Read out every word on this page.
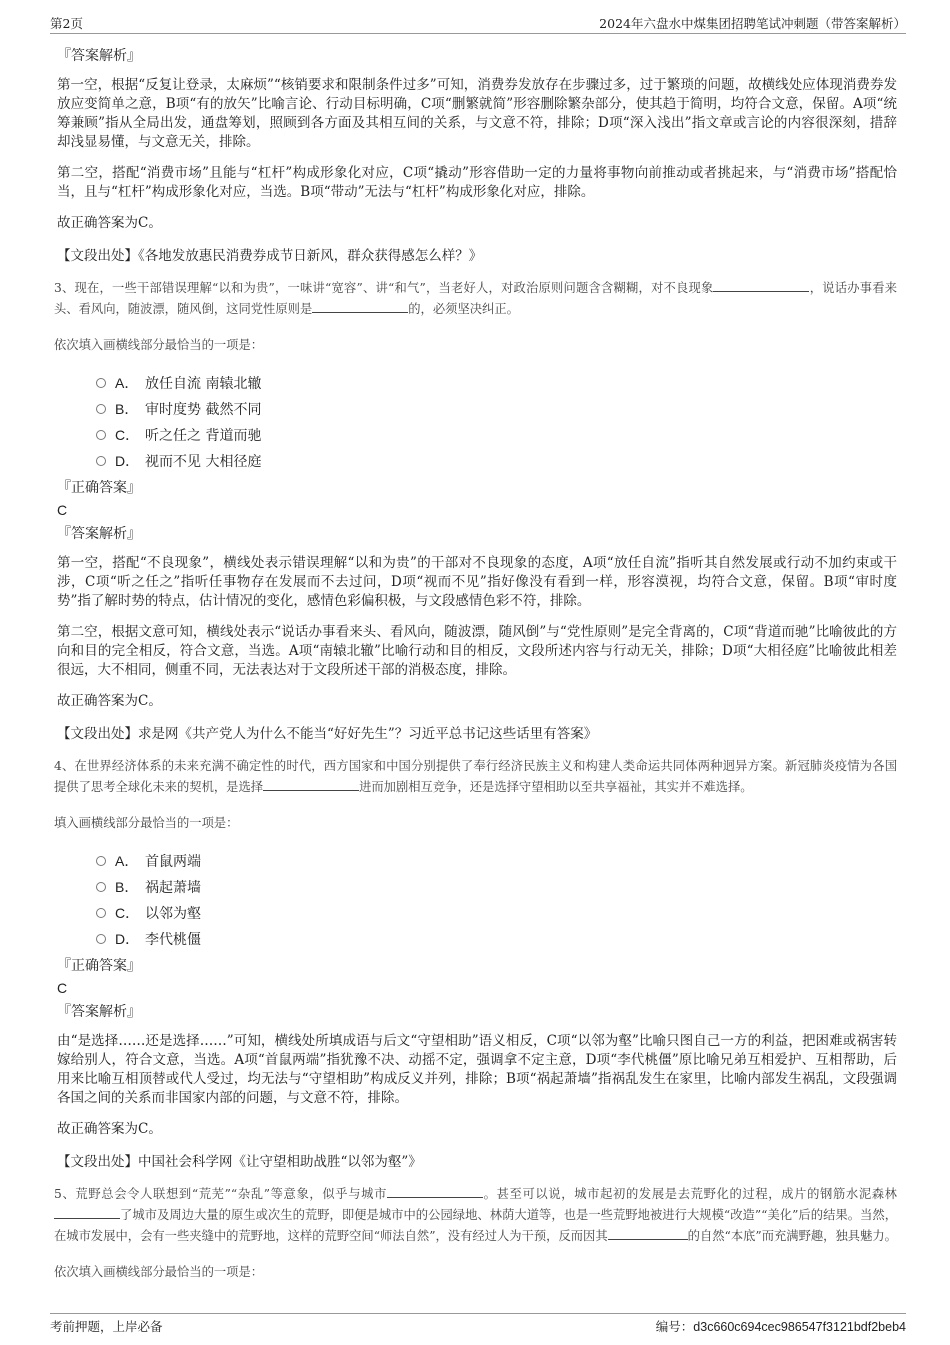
第2页	2024年六盘水中煤集团招聘笔试冲刺题（带答案解析）
『答案解析』

第一空，根据“反复让登录，太麻烦”“核销要求和限制条件过多”可知，消费券发放存在步骤过多，过于繁琐的问题，故横线处应体现消费券发放应变简单之意，B项“有的放矢”比喻言论、行动目标明确，C项“删繁就简”形容删除繁杂部分，使其趋于简明，均符合文意，保留。A项“统筹兼顾”指从全局出发，通盘筹划，照顾到各方面及其相互间的关系，与文意不符，排除；D项“深入浅出”指文章或言论的内容很深刻，措辞却浅显易懂，与文意无关，排除。

第二空，搭配“消费市场”且能与“杠杆”构成形象化对应，C项“撬动”形容借助一定的力量将事物向前推动或者挑起来，与“消费市场”搭配恰当，且与“杠杆”构成形象化对应，当选。B项“带动”无法与“杠杆”构成形象化对应，排除。

故正确答案为C。

【文段出处】《各地发放惠民消费券成节日新风，群众获得感怎么样？》

3、现在，一些干部错误理解“以和为贵”，一味讲“宽容”、讲“和气”，当老好人，对政治原则问题含含糊糊，对不良现象	，说话办事看来头、看风向，随波漂，随风倒，这同党性原则是	的，必须坚决纠正。

依次填入画横线部分最恰当的一项是：

A． 放任自流 南辕北辙
B． 审时度势 截然不同
C． 听之任之 背道而驰
D． 视而不见 大相径庭
『正确答案』
C
『答案解析』

第一空，搭配“不良现象”，横线处表示错误理解“以和为贵”的干部对不良现象的态度，A项“放任自流”指听其自然发展或行动不加约束或干涉，C项“听之任之”指听任事物存在发展而不去过问，D项“视而不见”指好像没有看到一样，形容漠视，均符合文意，保留。B项“审时度势”指了解时势的特点，估计情况的变化，感情色彩偏积极，与文段感情色彩不符，排除。

第二空，根据文意可知，横线处表示“说话办事看来头、看风向，随波漂，随风倒”与“党性原则”是完全背离的，C项“背道而驰”比喻彼此的方向和目的完全相反，符合文意，当选。A项“南辕北辙”比喻行动和目的相反，文段所述内容与行动无关，排除；D项“大相径庭”比喻彼此相差很远，大不相同，侧重不同，无法表达对于文段所述干部的消极态度，排除。

故正确答案为C。

【文段出处】求是网《共产党人为什么不能当“好好先生”？习近平总书记这些话里有答案》

4、在世界经济体系的未来充满不确定性的时代，西方国家和中国分别提供了奉行经济民族主义和构建人类命运共同体两种迥异方案。新冠肺炎疫情为各国提供了思考全球化未来的契机，是选择	进而加剧相互竞争，还是选择守望相助以至共享福祉，其实并不难选择。

填入画横线部分最恰当的一项是：

A． 首鼠两端
B． 祸起萧墙
C． 以邻为壑
D． 李代桃僵
『正确答案』
C
『答案解析』

由“是选择……还是选择……”可知，横线处所填成语与后文“守望相助”语义相反，C项“以邻为壑”比喻只图自己一方的利益，把困难或祸害转嫁给别人，符合文意，当选。A项“首鼠两端”指犹豫不决、动摇不定，强调拿不定主意，D项“李代桃僵”原比喻兄弟互相爱护、互相帮助，后用来比喻互相顶替或代人受过，均无法与“守望相助”构成反义并列，排除；B项“祸起萧墙”指祸乱发生在家里，比喻内部发生祸乱，文段强调各国之间的关系而非国家内部的问题，与文意不符，排除。

故正确答案为C。

【文段出处】中国社会科学网《让守望相助战胜“以邻为壑”》

5、荒野总会令人联想到“荒芜”“杂乱”等意象，似乎与城市	。甚至可以说，城市起初的发展是去荒野化的过程，成片的钢筋水泥森林了城市及周边大量的原生或次生的荒野，即便是城市中的公园绿地、林荫大道等，也是一些荒野地被进行大规模“改造”“美化”后的结果。当然，在城市发展中，会有一些夹缝中的荒野地，这样的荒野空间“师法自然”，没有经过人为干预，反而因其	的自然“本底”而充满野趣，独具魅力。

依次填入画横线部分最恰当的一项是：

考前押题，上岸必备	编号：d3c660c694cec986547f3121bdf2beb4
